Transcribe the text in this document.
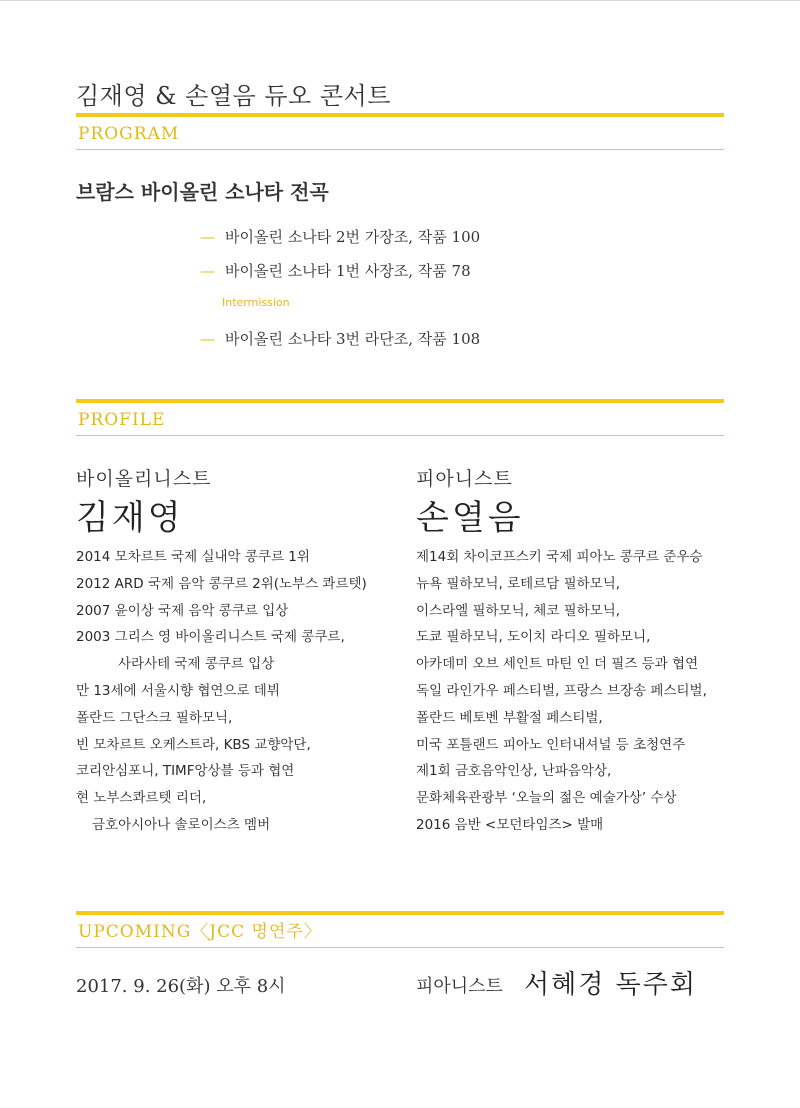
김재영 & 손열음 듀오 콘서트
PROGRAM
브람스 바이올린 소나타 전곡
— 바이올린 소나타 2번 가장조, 작품 100
— 바이올린 소나타 1번 사장조, 작품 78
Intermission
— 바이올린 소나타 3번 라단조, 작품 108
PROFILE
바이올리니스트
김재영
2014 모차르트 국제 실내악 콩쿠르 1위
2012 ARD 국제 음악 콩쿠르 2위(노부스 콰르텟)
2007 윤이상 국제 음악 콩쿠르 입상
2003 그리스 영 바이올리니스트 국제 콩쿠르,
사라사테 국제 콩쿠르 입상
만 13세에 서울시향 협연으로 데뷔
폴란드 그단스크 필하모닉,
빈 모차르트 오케스트라, KBS 교향악단,
코리안심포니, TIMF앙상블 등과 협연
현 노부스콰르텟 리더,
금호아시아나 솔로이스츠 멤버
피아니스트
손열음
제14회 차이코프스키 국제 피아노 콩쿠르 준우승
뉴욕 필하모닉, 로테르담 필하모닉,
이스라엘 필하모닉, 체코 필하모닉,
도쿄 필하모닉, 도이치 라디오 필하모니,
아카데미 오브 세인트 마틴 인 더 필즈 등과 협연
독일 라인가우 페스티벌, 프랑스 브장송 페스티벌,
폴란드 베토벤 부활절 페스티벌,
미국 포틀랜드 피아노 인터내셔널 등 초청연주
제1회 금호음악인상, 난파음악상,
문화체육관광부 ‘오늘의 젊은 예술가상’ 수상
2016 음반 <모던타임즈> 발매
UPCOMING〈JCC 명연주〉
2017. 9. 26(화) 오후 8시	피아니스트 서혜경 독주회
